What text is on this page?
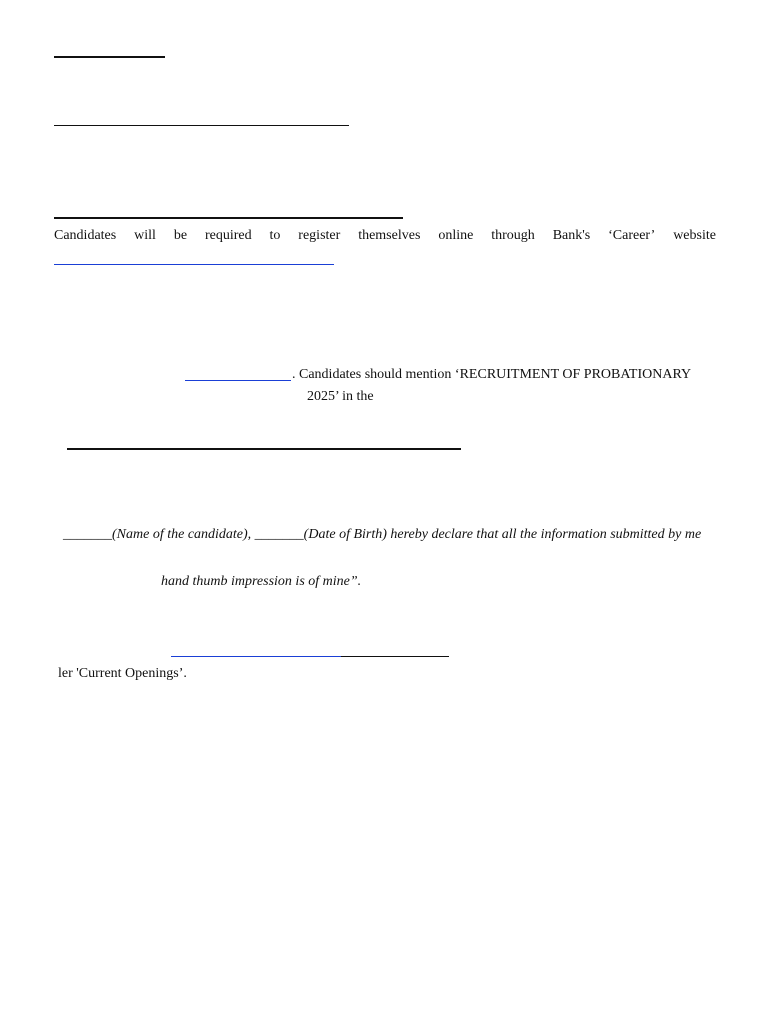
Candidates will be required to register themselves online through Bank's ‘Career’ website
. Candidates should mention ‘RECRUITMENT OF PROBATIONARY
2025’ in the
_______(Name of the candidate), _______(Date of Birth) hereby declare that all the information submitted by me
hand thumb impression is of mine”.
ler 'Current Openings’.
